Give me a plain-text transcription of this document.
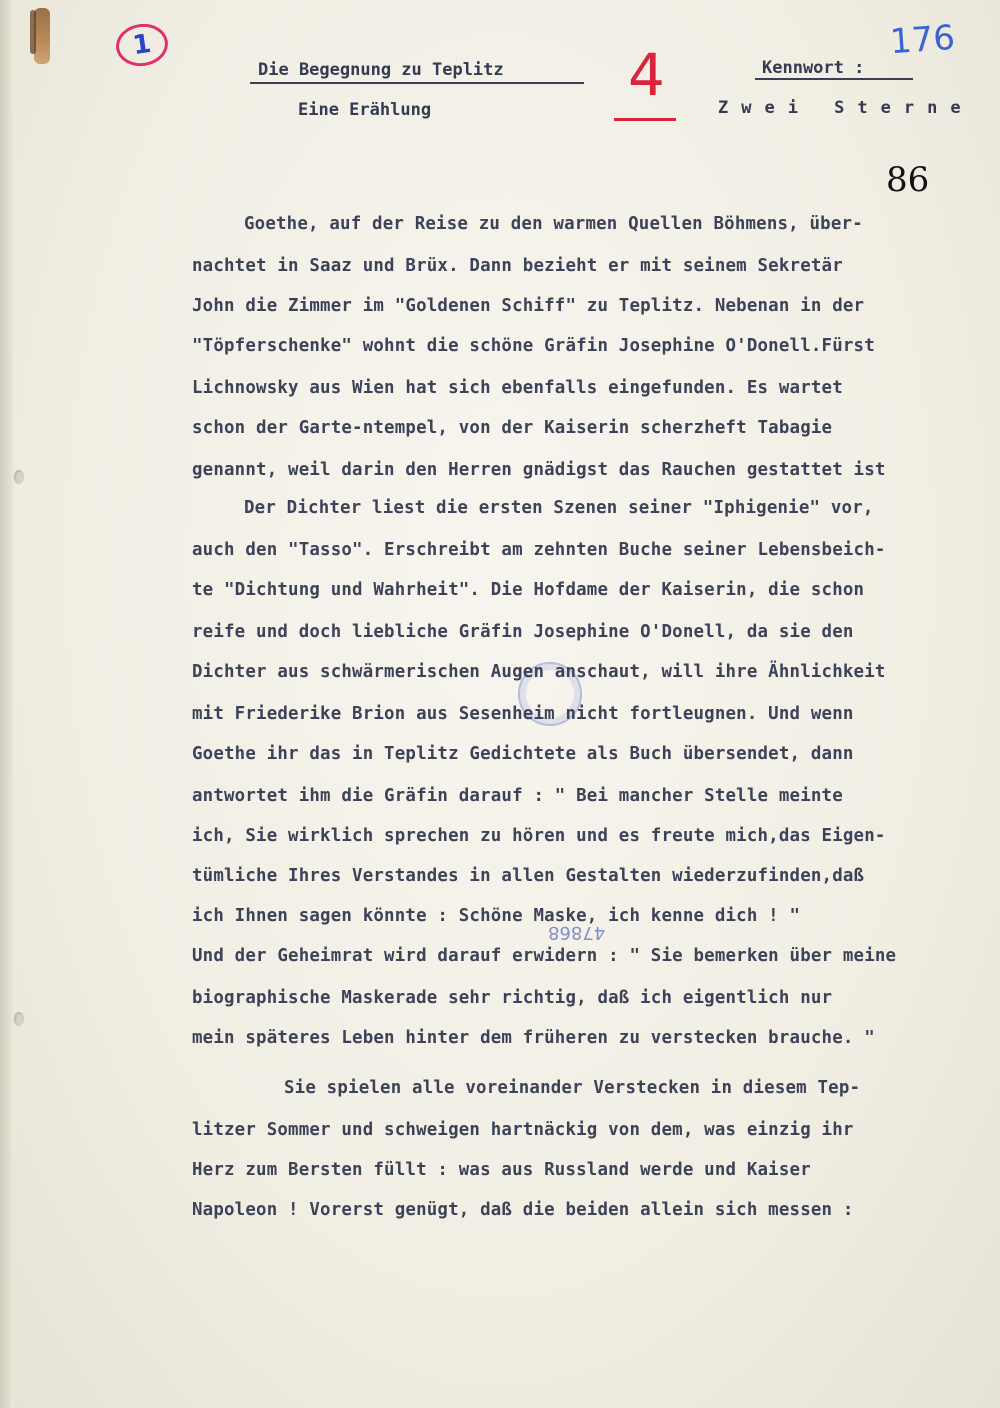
1
Die Begegnung zu Teplitz
Eine Erählung
4	Kennwort :
Zwei Sterne
176
86
47868
Goethe, auf der Reise zu den warmen Quellen Böhmens, über-
nachtet in Saaz und Brüx. Dann bezieht er mit seinem Sekretär
John die Zimmer im "Goldenen Schiff" zu Teplitz. Nebenan in der
"Töpferschenke" wohnt die schöne Gräfin Josephine O'Donell.Fürst
Lichnowsky aus Wien hat sich ebenfalls eingefunden. Es wartet
schon der Garte-ntempel, von der Kaiserin scherzheft Tabagie
genannt, weil darin den Herren gnädigst das Rauchen gestattet ist
Der Dichter liest die ersten Szenen seiner "Iphigenie" vor,
auch den "Tasso". Erschreibt am zehnten Buche seiner Lebensbeich-
te "Dichtung und Wahrheit". Die Hofdame der Kaiserin, die schon
reife und doch liebliche Gräfin Josephine O'Donell, da sie den
Dichter aus schwärmerischen Augen anschaut, will ihre Ähnlichkeit
mit Friederike Brion aus Sesenheim nicht fortleugnen. Und wenn
Goethe ihr das in Teplitz Gedichtete als Buch übersendet, dann
antwortet ihm die Gräfin darauf : " Bei mancher Stelle meinte
ich, Sie wirklich sprechen zu hören und es freute mich,das Eigen-
tümliche Ihres Verstandes in allen Gestalten wiederzufinden,daß
ich Ihnen sagen könnte : Schöne Maske, ich kenne dich ! "
Und der Geheimrat wird darauf erwidern : " Sie bemerken über meine
biographische Maskerade sehr richtig, daß ich eigentlich nur
mein späteres Leben hinter dem früheren zu verstecken brauche. "
Sie spielen alle voreinander Verstecken in diesem Tep-
litzer Sommer und schweigen hartnäckig von dem, was einzig ihr
Herz zum Bersten füllt : was aus Russland werde und Kaiser
Napoleon ! Vorerst genügt, daß die beiden allein sich messen :
